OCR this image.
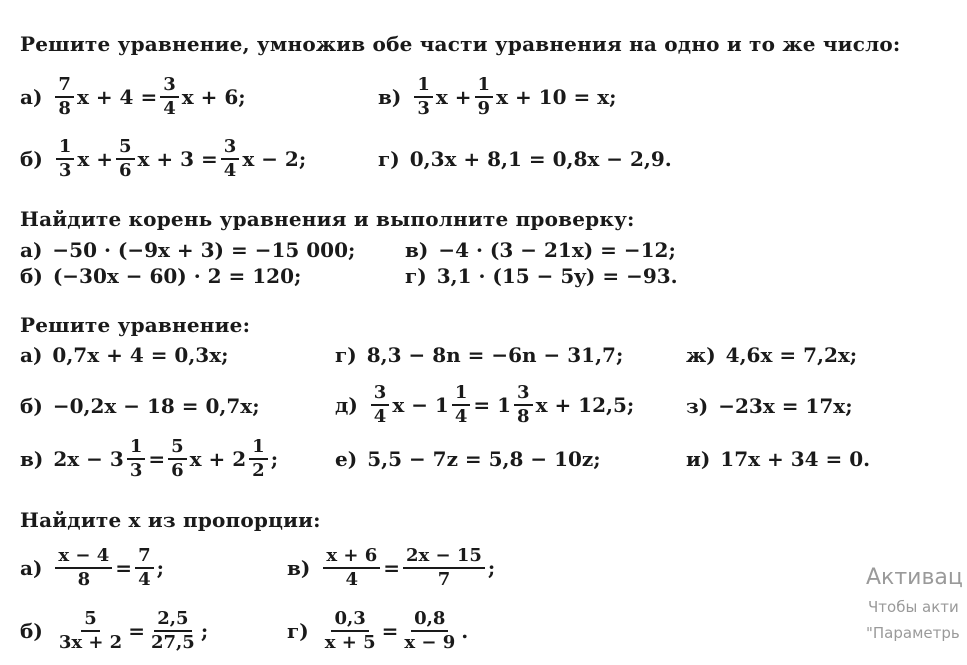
Решите уравнение, умножив обе части уравнения на одно и то же число:
$а) \frac{7}{8}$ $x + 4 = \frac{3}{4}$ x + 6;	$в) \frac{1}{3}$ $x + \frac{1}{9}$ x + 10 = x;
$б) \frac{1}{3}$ $x + \frac{5}{6}$ $x + 3 = \frac{3}{4}$ x − 2;	г) 0,3x + 8,1 = 0,8x − 2,9.
Найдите корень уравнения и выполните проверку:
а) −50 · (−9x + 3) = −15 000; в) −4 · (3 − 21x) = −12;
б) (−30x − 60) · 2 = 120;	г) 3,1 · (15 − 5y) = −93.
Решите уравнение:
а) 0,7x + 4 = 0,3x;	г) 8,3 − 8n = −6n − 31,7;	ж) 4,6x = 7,2x;
б) −0,2x − 18 = 0,7x;	$д) \frac{3}{4}$ $x - 1 \frac{1}{4} = 1 \frac{3}{8}$ x + 12,5;	з) −23x = 17x;
в) $2x - 3 \frac{1}{3} = \frac{5}{6}$ $x + 2 \frac{1}{2}$ ;	е) 5,5 − 7z = 5,8 − 10z;	и) 17x + 34 = 0.
Найдите x из пропорции:
$а) \frac{x - 4}{8} = \frac{7}{4}$ ;	$в) \frac{x + 6}{4} = \frac{2x - 15}{7}$ ;
$б) \frac{5}{3x + 2} = \frac{2,5}{27,5}$ ;	$г) \frac{0,3}{x + 5} = \frac{0,8}{x - 9}$ .
Активац
Чтобы акти
"Параметрь
